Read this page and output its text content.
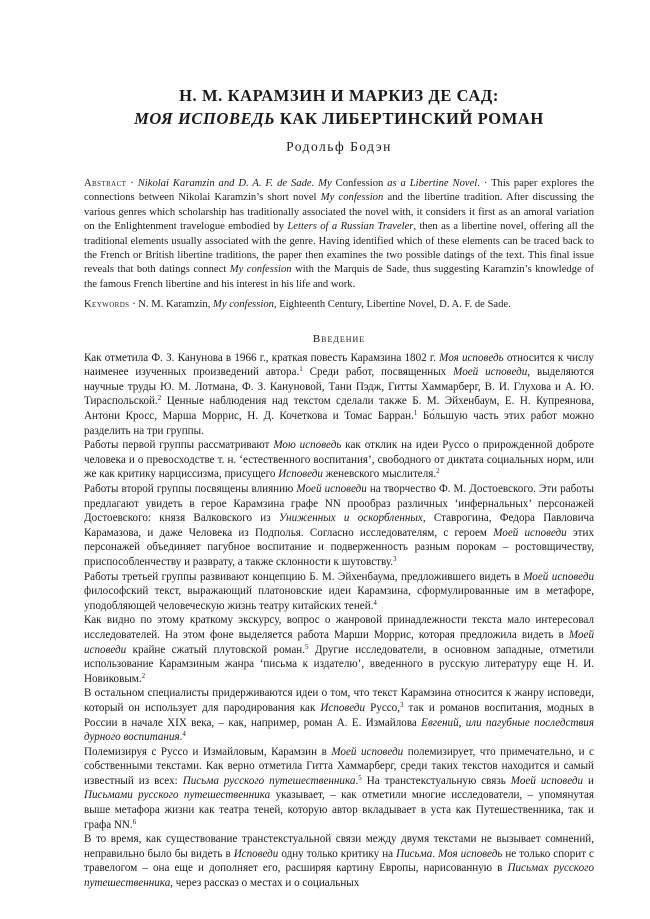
Н. М. КАРАМЗИН И МАРКИЗ ДЕ САД:
МОЯ ИСПОВЕДЬ КАК ЛИБЕРТИНСКИЙ РОМАН
Родольф Бодэн
Abstract · Nikolai Karamzin and D. A. F. de Sade. My Confession as a Libertine Novel. · This paper explores the connections between Nikolai Karamzin’s short novel My confession and the libertine tradition. After discussing the various genres which scholarship has traditionally associated the novel with, it considers it first as an amoral variation on the Enlightenment travelogue embodied by Letters of a Russian Traveler, then as a libertine novel, offering all the traditional elements usually associated with the genre. Having identified which of these elements can be traced back to the French or British libertine traditions, the paper then examines the two possible datings of the text. This final issue reveals that both datings connect My confession with the Marquis de Sade, thus suggesting Karamzin’s knowledge of the famous French libertine and his interest in his life and work.
Keywords · N. M. Karamzin, My confession, Eighteenth Century, Libertine Novel, D. A. F. de Sade.
Введение

Как отметила Ф. З. Канунова в 1966 г., краткая повесть Карамзина 1802 г. Моя исповедь относится к числу наименее изученных произведений автора.$^1$ Среди работ, посвященных Моей исповеди, выделяются научные труды Ю. М. Лотмана, Ф. З. Кануновой, Тани Пэдж, Гитты Хаммарберг, В. И. Глухова и А. Ю. Тираспольской.$^2$ Ценные наблюдения над текстом сделали также Б. М. Эйхенбаум, Е. Н. Купреянова, Антони Кросс, Марша Моррис, Н. Д. Кочеткова и Томас Барран.$^1$ Бо́льшую часть этих работ можно разделить на три группы.

Работы первой группы рассматривают Мою исповедь как отклик на идеи Руссо о прирожденной доброте человека и о превосходстве т. н. ‘естественного воспитания’, свободного от диктата социальных норм, или же как критику нарциссизма, присущего Исповеди женевского мыслителя.$^2$

Работы второй группы посвящены влиянию Моей исповеди на творчество Ф. М. Достоевского. Эти работы предлагают увидеть в герое Карамзина графе NN прообраз различных ‘инфернальных’ персонажей Достоевского: князя Валковского из Униженных и оскорбленных, Ставрогина, Федора Павловича Карамазова, и даже Человека из Подполья. Согласно исследователям, с героем Моей исповеди этих персонажей объединяет пагубное воспитание и подверженность разным порокам – ростовщичеству, приспособленчеству и разврату, а также склонности к шутовству.$^3$

Работы третьей группы развивают концепцию Б. М. Эйхенбаума, предложившего видеть в Моей исповеди философский текст, выражающий платоновские идеи Карамзина, сформулированные им в метафоре, уподобляющей человеческую жизнь театру китайских теней.$^4$

Как видно по этому краткому экскурсу, вопрос о жанровой принадлежности текста мало интересовал исследователей. На этом фоне выделяется работа Марши Моррис, которая предложила видеть в Моей исповеди крайне сжатый плутовской роман.$^5$ Другие исследователи, в основном западные, отметили использование Карамзиным жанра ‘письма к издателю’, введенного в русскую литературу еще Н. И. Новиковым.$^2$

В остальном специалисты придерживаются идеи о том, что текст Карамзина относится к жанру исповеди, который он использует для пародирования как Исповеди Руссо,$^3$ так и романов воспитания, модных в России в начале XIX века, – как, например, роман А. Е. Измайлова Евгений, или пагубные последствия дурного воспитания.$^4$

Полемизируя с Руссо и Измайловым, Карамзин в Моей исповеди полемизирует, что примечательно, и с собственными текстами. Как верно отметила Гитта Хаммарберг, среди таких текстов находится и самый известный из всех: Письма русского путешественника.$^5$ На транстекстуальную связь Моей исповеди и Письмами русского путешественника указывает, – как отметили многие исследователи, – упомянутая выше метафора жизни как театра теней, которую автор вкладывает в уста как Путешественника, так и графа NN.$^6$

В то время, как существование транстекстуальной связи между двумя текстами не вызывает сомнений, неправильно было бы видеть в Исповеди одну только критику на Письма. Моя исповедь не только спорит с травелогом – она еще и дополняет его, расширяя картину Европы, нарисованную в Письмах русского путешественника, через рассказ о местах и о социальных
